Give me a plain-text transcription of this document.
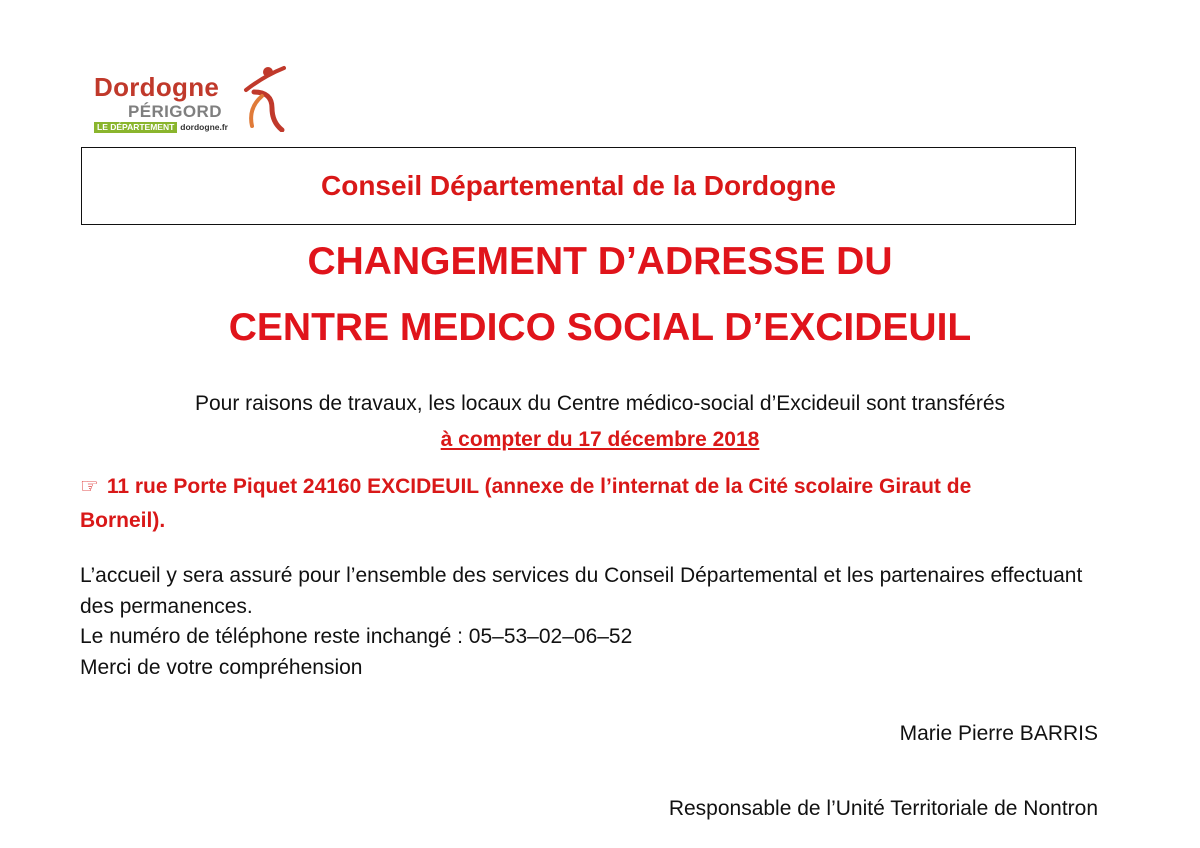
Dordogne
PÉRIGORD
LE DÉPARTEMENT dordogne.fr
Conseil Départemental de la Dordogne
CHANGEMENT D’ADRESSE DU
CENTRE MEDICO SOCIAL D’EXCIDEUIL
Pour raisons de travaux, les locaux du Centre médico-social d’Excideuil sont transférés
à compter du 17 décembre 2018
☞ 11 rue Porte Piquet 24160 EXCIDEUIL (annexe de l’internat de la Cité scolaire Giraut de Borneil).

L’accueil y sera assuré pour l’ensemble des services du Conseil Départemental et les partenaires effectuant des permanences.

Le numéro de téléphone reste inchangé : 05–53–02–06–52

Merci de votre compréhension

Marie Pierre BARRIS
Responsable de l’Unité Territoriale de Nontron
